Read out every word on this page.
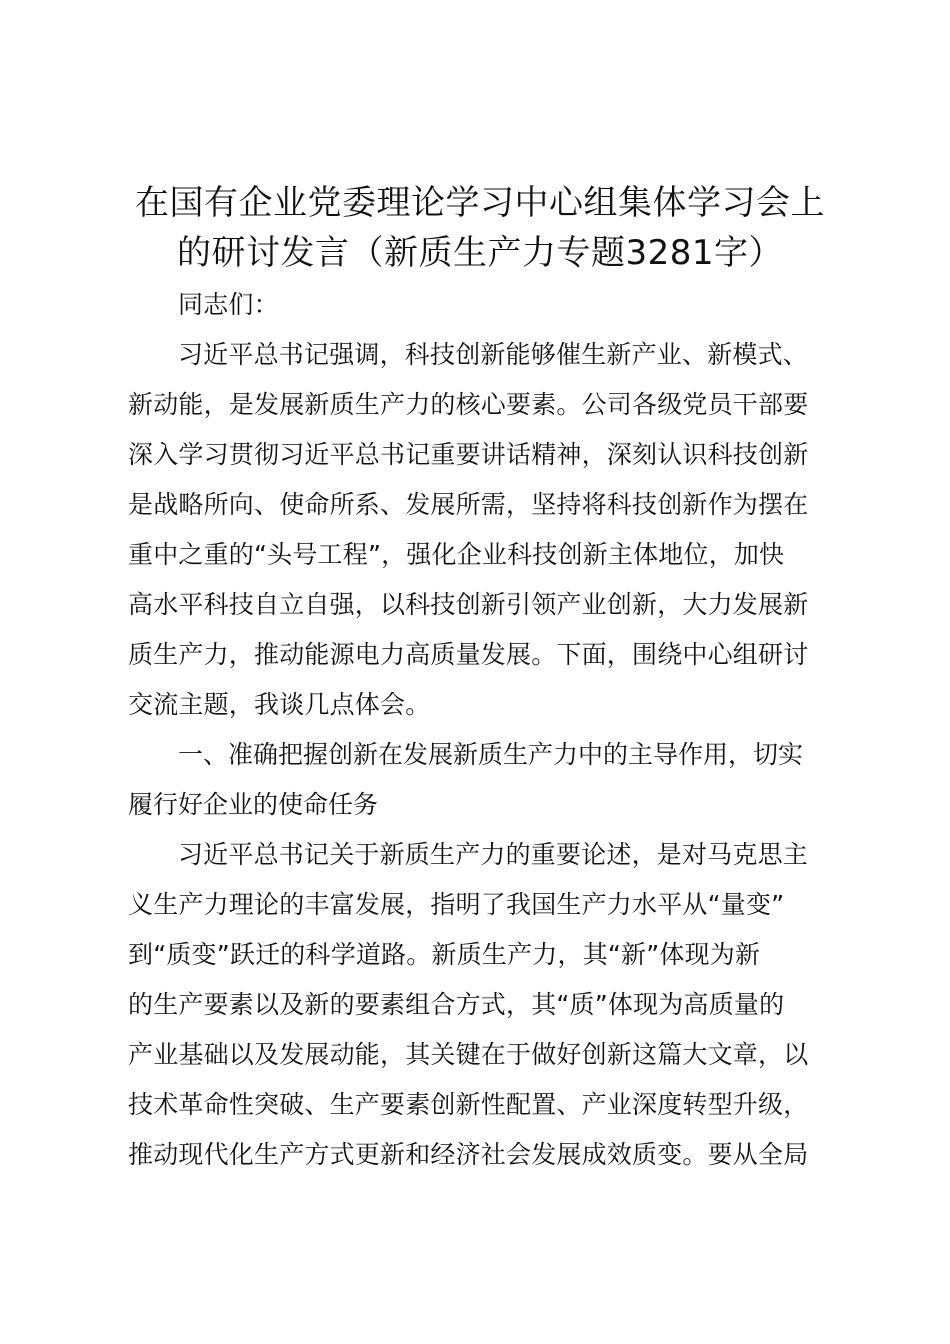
在国有企业党委理论学习中心组集体学习会上
的研讨发言（新质生产力专题3281字）

同志们：

习近平总书记强调，科技创新能够催生新产业、新模式、
新动能，是发展新质生产力的核心要素。公司各级党员干部要
深入学习贯彻习近平总书记重要讲话精神，深刻认识科技创新
是战略所向、使命所系、发展所需，坚持将科技创新作为摆在
重中之重的“头号工程”，强化企业科技创新主体地位，加快
高水平科技自立自强，以科技创新引领产业创新，大力发展新
质生产力，推动能源电力高质量发展。下面，围绕中心组研讨
交流主题，我谈几点体会。

一、准确把握创新在发展新质生产力中的主导作用，切实
履行好企业的使命任务

习近平总书记关于新质生产力的重要论述，是对马克思主
义生产力理论的丰富发展，指明了我国生产力水平从“量变”
到“质变”跃迁的科学道路。新质生产力，其“新”体现为新
的生产要素以及新的要素组合方式，其“质”体现为高质量的
产业基础以及发展动能，其关键在于做好创新这篇大文章，以
技术革命性突破、生产要素创新性配置、产业深度转型升级，
推动现代化生产方式更新和经济社会发展成效质变。要从全局
